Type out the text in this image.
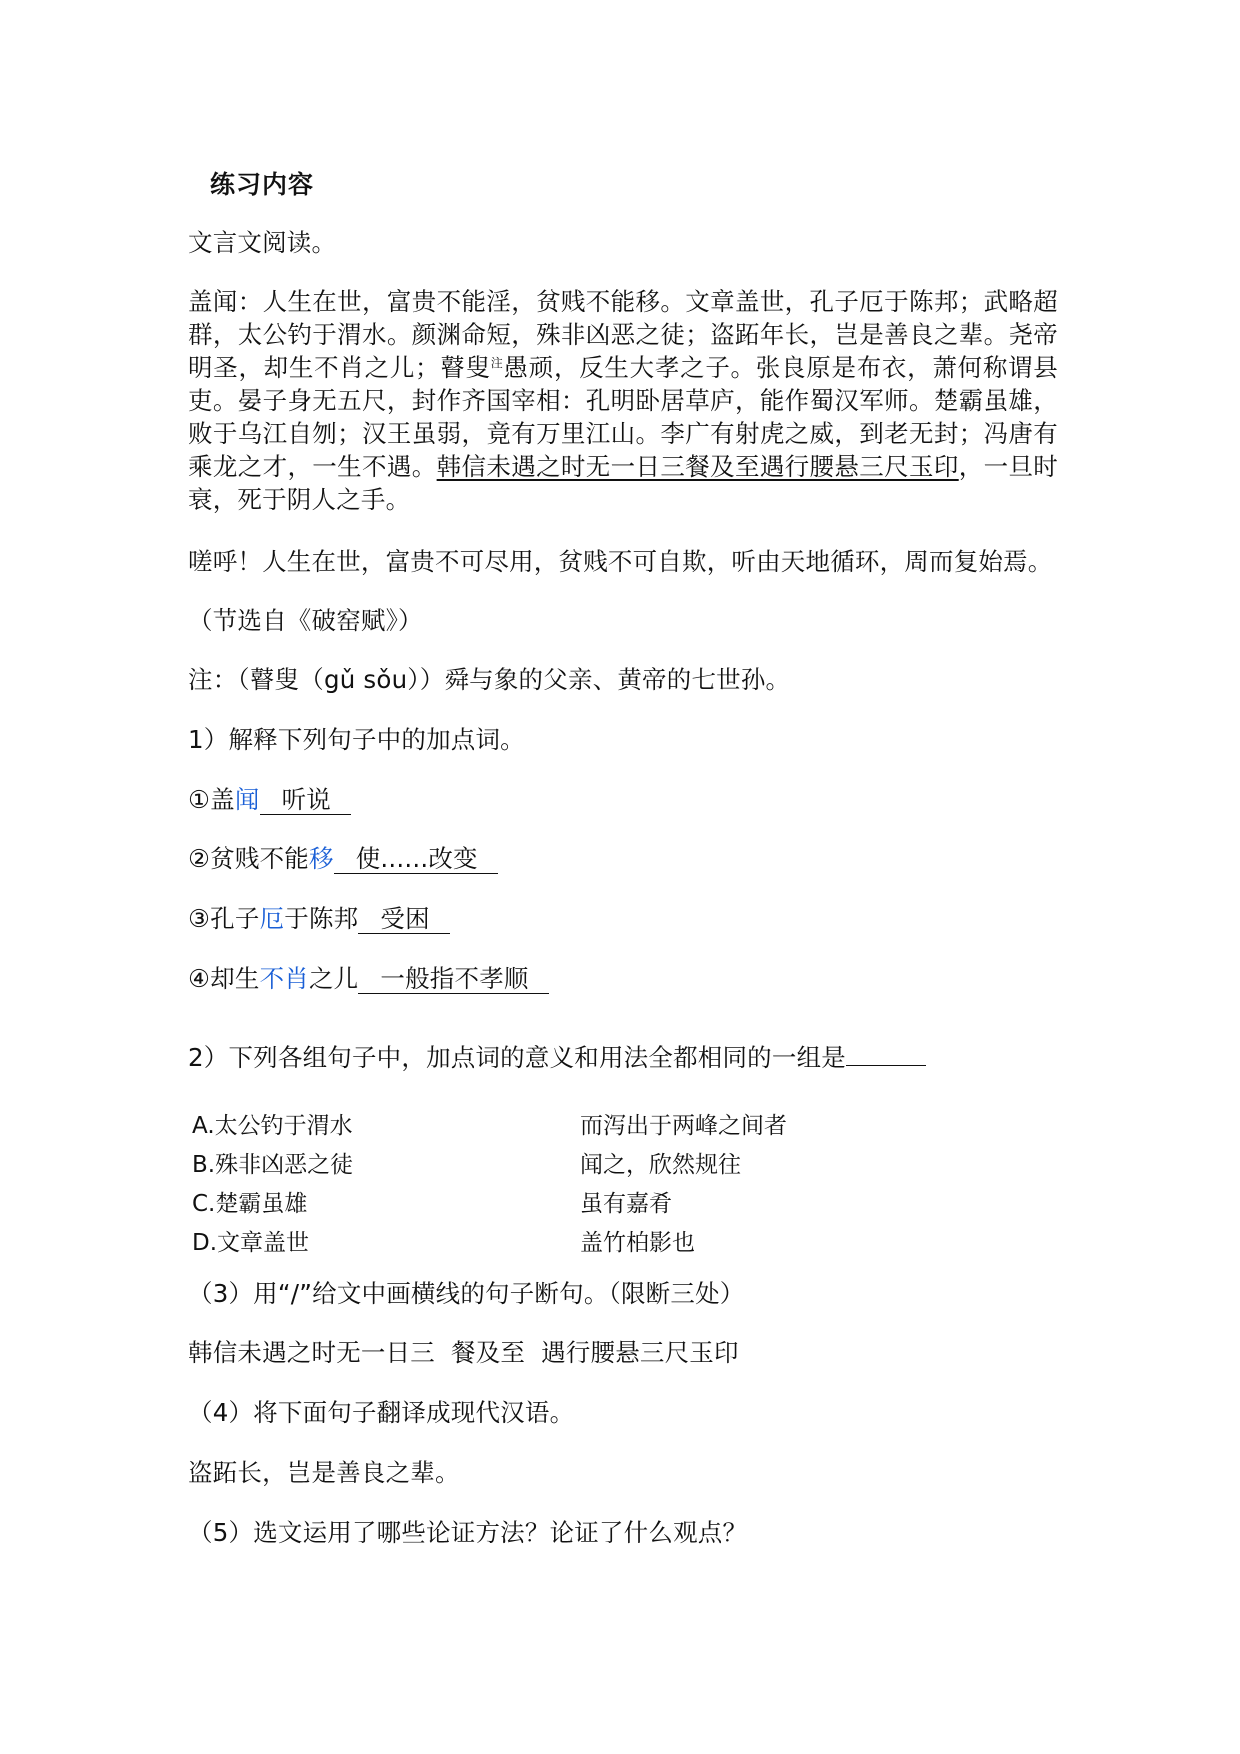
练习内容
文言文阅读。
盖闻：人生在世，富贵不能淫，贫贱不能移。文章盖世，孔子厄于陈邦；武略超群，太公钓于渭水。颜渊命短，殊非凶恶之徒；盗跖年长，岂是善良之辈。尧帝明圣，却生不肖之儿；瞽叟$^注$愚顽，反生大孝之子。张良原是布衣，萧何称谓县吏。晏子身无五尺，封作齐国宰相：孔明卧居草庐，能作蜀汉军师。楚霸虽雄，败于乌江自刎；汉王虽弱，竟有万里江山。李广有射虎之威，到老无封；冯唐有乘龙之才，一生不遇。韩信未遇之时无一日三餐及至遇行腰悬三尺玉印，一旦时衰，死于阴人之手。
嗟呼！人生在世，富贵不可尽用，贫贱不可自欺，听由天地循环，周而复始焉。
（节选自《破窑赋》）
注：（瞽叟（gǔ sǒu））舜与象的父亲、黄帝的七世孙。
1）解释下列句子中的加点词。
①盖闻 听说
②贫贱不能移 使......改变
③孔子厄于陈邦 受困
④却生不肖之儿 一般指不孝顺
2）下列各组句子中，加点词的意义和用法全都相同的一组是
A.太公钓于渭水	而泻出于两峰之间者
B.殊非凶恶之徒	闻之，欣然规往
C.楚霸虽雄	虽有嘉肴
D.文章盖世	盖竹柏影也
（3）用“/”给文中画横线的句子断句。（限断三处）
韩信未遇之时无一日三 餐及至 遇行腰悬三尺玉印
（4）将下面句子翻译成现代汉语。
盗跖长，岂是善良之辈。
（5）选文运用了哪些论证方法？论证了什么观点？
